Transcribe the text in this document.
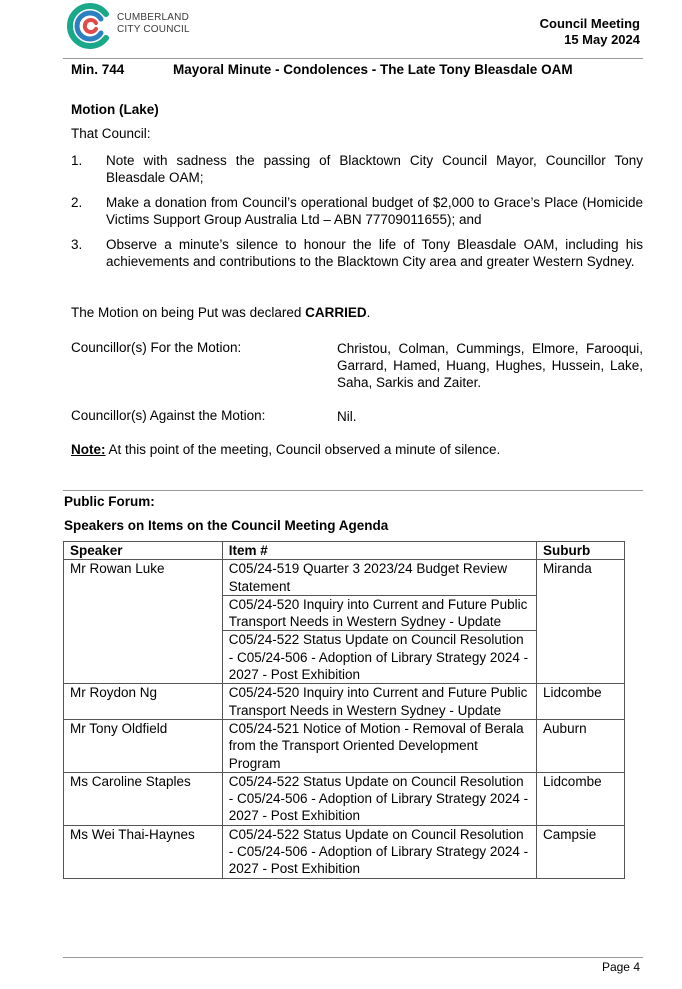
CUMBERLAND
CITY COUNCIL	Council Meeting
15 May 2024
Min. 744	Mayoral Minute - Condolences - The Late Tony Bleasdale OAM
Motion (Lake)
That Council:
1. Note with sadness the passing of Blacktown City Council Mayor, Councillor Tony Bleasdale OAM;
2. Make a donation from Council’s operational budget of $2,000 to Grace’s Place (Homicide Victims Support Group Australia Ltd – ABN 77709011655); and
3. Observe a minute’s silence to honour the life of Tony Bleasdale OAM, including his achievements and contributions to the Blacktown City area and greater Western Sydney.
The Motion on being Put was declared CARRIED.
Councillor(s) For the Motion:	Christou, Colman, Cummings, Elmore, Farooqui, Garrard, Hamed, Huang, Hughes, Hussein, Lake, Saha, Sarkis and Zaiter.
Councillor(s) Against the Motion:	Nil.
Note: At this point of the meeting, Council observed a minute of silence.
Public Forum:
Speakers on Items on the Council Meeting Agenda
Speaker	Item #	Suburb
Mr Rowan Luke	C05/24-519 Quarter 3 2023/24 Budget Review Statement	Miranda
	C05/24-520 Inquiry into Current and Future Public Transport Needs in Western Sydney - Update	
	C05/24-522 Status Update on Council Resolution - C05/24-506 - Adoption of Library Strategy 2024 - 2027 - Post Exhibition	
Mr Roydon Ng	C05/24-520 Inquiry into Current and Future Public Transport Needs in Western Sydney - Update	Lidcombe
Mr Tony Oldfield	C05/24-521 Notice of Motion - Removal of Berala from the Transport Oriented Development Program	Auburn
Ms Caroline Staples	C05/24-522 Status Update on Council Resolution - C05/24-506 - Adoption of Library Strategy 2024 - 2027 - Post Exhibition	Lidcombe
Ms Wei Thai-Haynes	C05/24-522 Status Update on Council Resolution - C05/24-506 - Adoption of Library Strategy 2024 - 2027 - Post Exhibition	Campsie
Page 4
